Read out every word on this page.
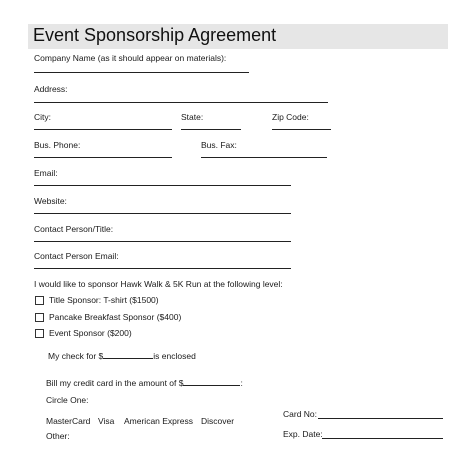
Event Sponsorship Agreement
Company Name (as it should appear on materials):
Address:
City:	State:	Zip Code:
Bus. Phone:	Bus. Fax:
Email:
Website:
Contact Person/Title:
Contact Person Email:
I would like to sponsor Hawk Walk & 5K Run at the following level:
Title Sponsor: T-shirt ($1500)
Pancake Breakfast Sponsor ($400)
Event Sponsor ($200)
My check for $	is enclosed
Bill my credit card in the amount of $	:
Circle One:
MasterCard Visa American Express Discover
Card No:
Other:	Exp. Date:
